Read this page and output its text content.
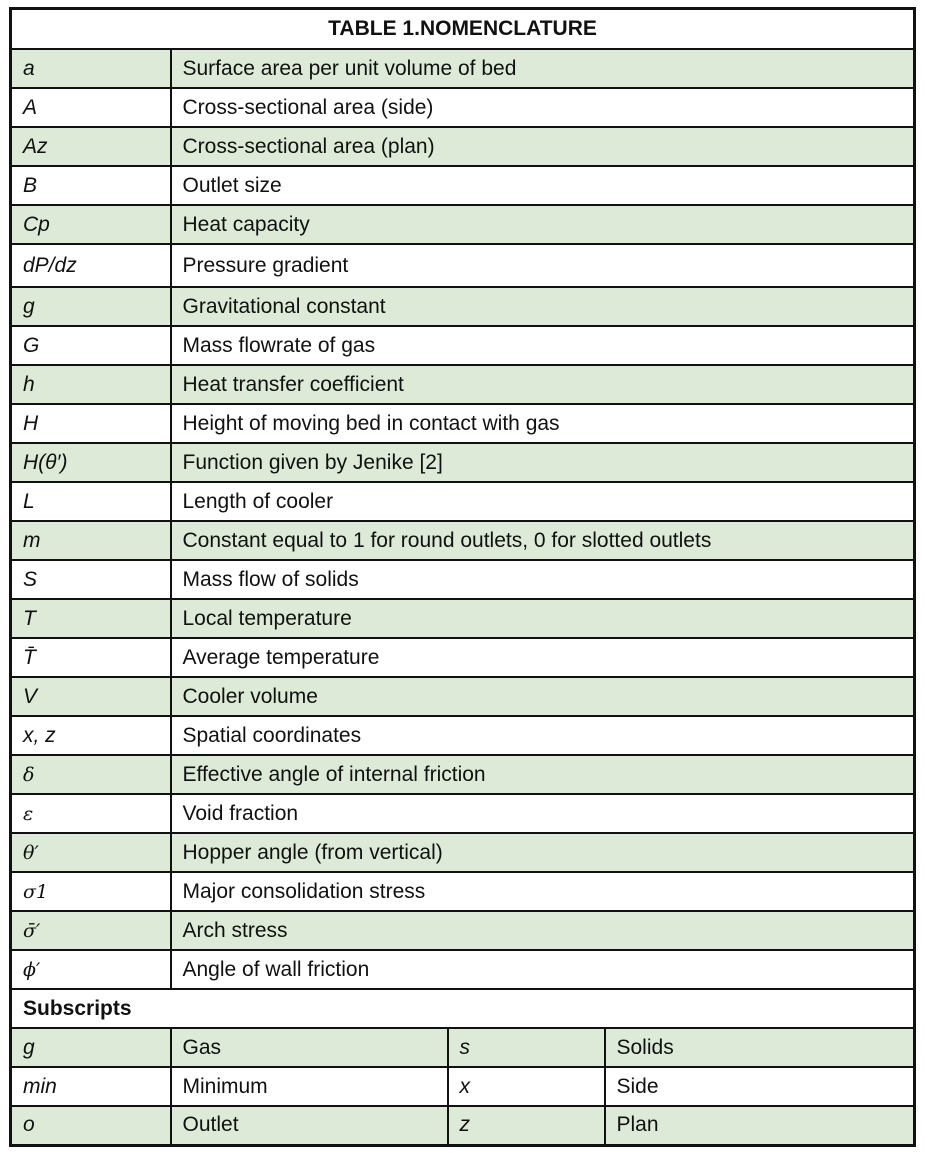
TABLE 1.NOMENCLATURE			
a	Surface area per unit volume of bed		
A	Cross-sectional area (side)		
Az	Cross-sectional area (plan)		
B	Outlet size		
Cp	Heat capacity		
dP/dz	Pressure gradient		
g	Gravitational constant		
G	Mass flowrate of gas		
h	Heat transfer coefficient		
H	Height of moving bed in contact with gas		
H(θ′)	Function given by Jenike [2]		
L	Length of cooler		
m	Constant equal to 1 for round outlets, 0 for slotted outlets		
S	Mass flow of solids		
T	Local temperature		
T̄	Average temperature		
V	Cooler volume		
x, z	Spatial coordinates		
δ	Effective angle of internal friction		
ε	Void fraction		
θ′	Hopper angle (from vertical)		
σ1	Major consolidation stress		
σ̄′	Arch stress		
ϕ′	Angle of wall friction		
Subscripts			
g	Gas	s	Solids
min	Minimum	x	Side
o	Outlet	z	Plan
